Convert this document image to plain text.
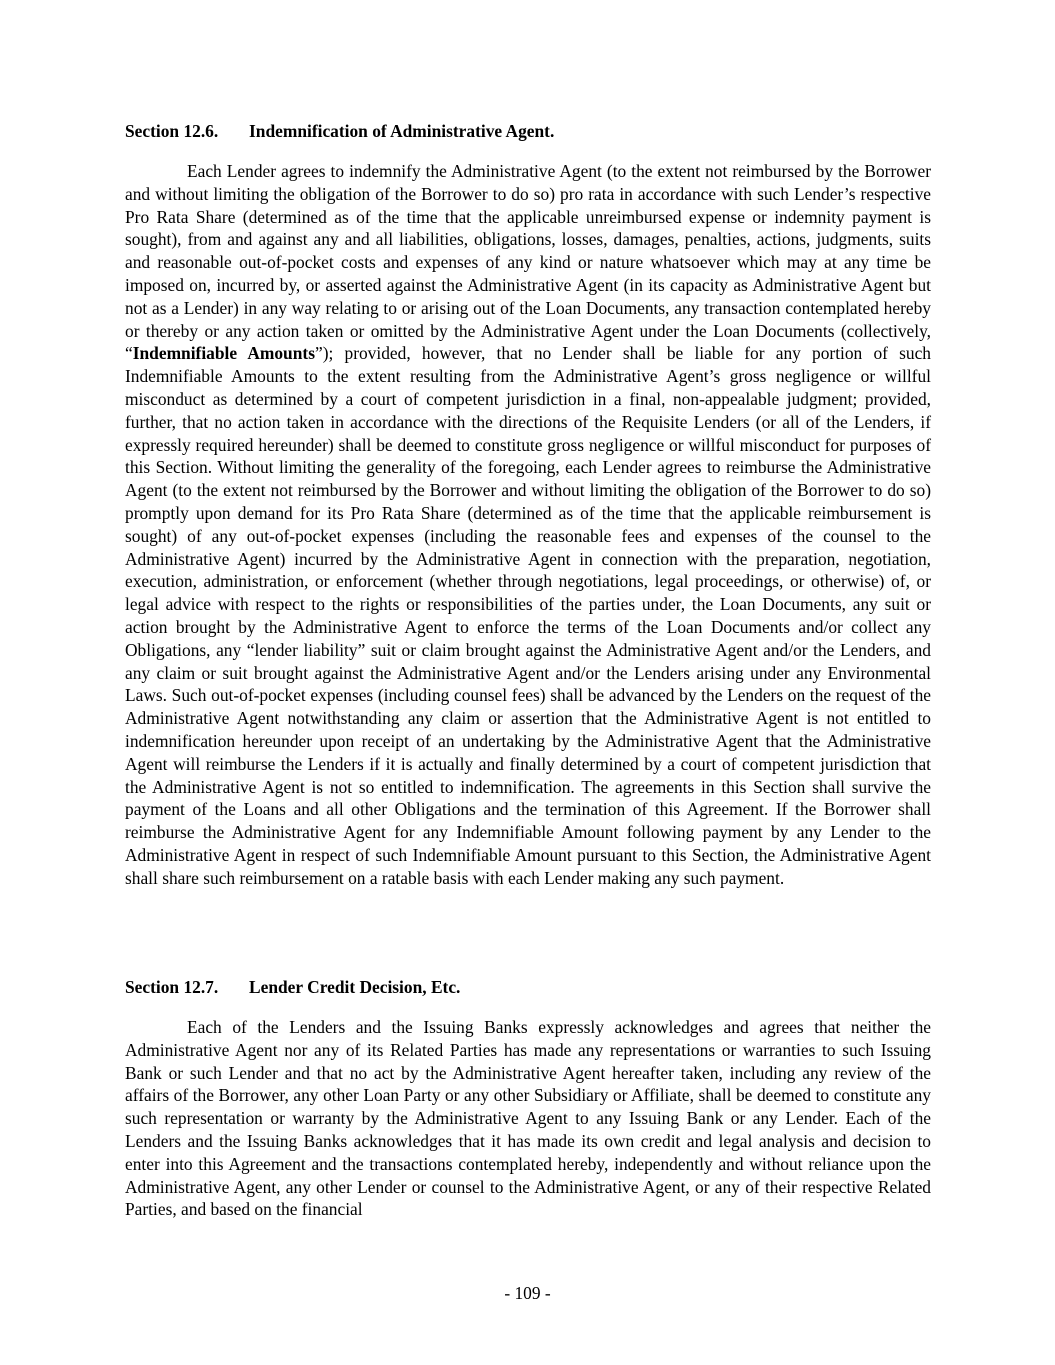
Section 12.6. Indemnification of Administrative Agent.

Each Lender agrees to indemnify the Administrative Agent (to the extent not reimbursed by the Borrower and without limiting the obligation of the Borrower to do so) pro rata in accordance with such Lender’s respective Pro Rata Share (determined as of the time that the applicable unreimbursed expense or indemnity payment is sought), from and against any and all liabilities, obligations, losses, damages, penalties, actions, judgments, suits and reasonable out-of-pocket costs and expenses of any kind or nature whatsoever which may at any time be imposed on, incurred by, or asserted against the Administrative Agent (in its capacity as Administrative Agent but not as a Lender) in any way relating to or arising out of the Loan Documents, any transaction contemplated hereby or thereby or any action taken or omitted by the Administrative Agent under the Loan Documents (collectively, “Indemnifiable Amounts”); provided, however, that no Lender shall be liable for any portion of such Indemnifiable Amounts to the extent resulting from the Administrative Agent’s gross negligence or willful misconduct as determined by a court of competent jurisdiction in a final, non-appealable judgment; provided, further, that no action taken in accordance with the directions of the Requisite Lenders (or all of the Lenders, if expressly required hereunder) shall be deemed to constitute gross negligence or willful misconduct for purposes of this Section. Without limiting the generality of the foregoing, each Lender agrees to reimburse the Administrative Agent (to the extent not reimbursed by the Borrower and without limiting the obligation of the Borrower to do so) promptly upon demand for its Pro Rata Share (determined as of the time that the applicable reimbursement is sought) of any out-of-pocket expenses (including the reasonable fees and expenses of the counsel to the Administrative Agent) incurred by the Administrative Agent in connection with the preparation, negotiation, execution, administration, or enforcement (whether through negotiations, legal proceedings, or otherwise) of, or legal advice with respect to the rights or responsibilities of the parties under, the Loan Documents, any suit or action brought by the Administrative Agent to enforce the terms of the Loan Documents and/or collect any Obligations, any “lender liability” suit or claim brought against the Administrative Agent and/or the Lenders, and any claim or suit brought against the Administrative Agent and/or the Lenders arising under any Environmental Laws. Such out-of-pocket expenses (including counsel fees) shall be advanced by the Lenders on the request of the Administrative Agent notwithstanding any claim or assertion that the Administrative Agent is not entitled to indemnification hereunder upon receipt of an undertaking by the Administrative Agent that the Administrative Agent will reimburse the Lenders if it is actually and finally determined by a court of competent jurisdiction that the Administrative Agent is not so entitled to indemnification. The agreements in this Section shall survive the payment of the Loans and all other Obligations and the termination of this Agreement. If the Borrower shall reimburse the Administrative Agent for any Indemnifiable Amount following payment by any Lender to the Administrative Agent in respect of such Indemnifiable Amount pursuant to this Section, the Administrative Agent shall share such reimbursement on a ratable basis with each Lender making any such payment.

Section 12.7. Lender Credit Decision, Etc.

Each of the Lenders and the Issuing Banks expressly acknowledges and agrees that neither the Administrative Agent nor any of its Related Parties has made any representations or warranties to such Issuing Bank or such Lender and that no act by the Administrative Agent hereafter taken, including any review of the affairs of the Borrower, any other Loan Party or any other Subsidiary or Affiliate, shall be deemed to constitute any such representation or warranty by the Administrative Agent to any Issuing Bank or any Lender. Each of the Lenders and the Issuing Banks acknowledges that it has made its own credit and legal analysis and decision to enter into this Agreement and the transactions contemplated hereby, independently and without reliance upon the Administrative Agent, any other Lender or counsel to the Administrative Agent, or any of their respective Related Parties, and based on the financial

- 109 -
